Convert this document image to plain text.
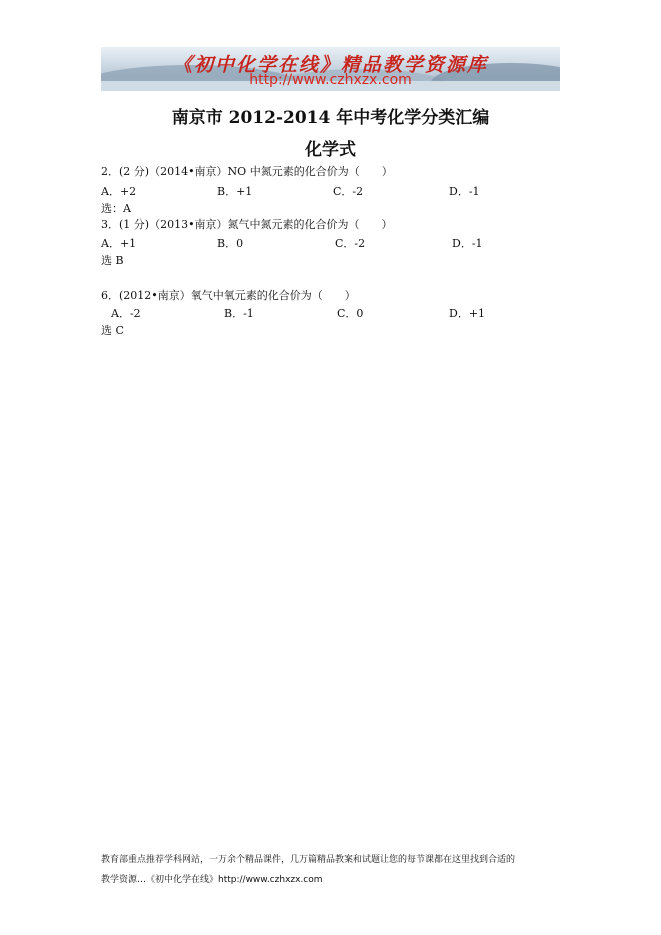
《初中化学在线》精品教学资源库
http://www.czhxzx.com
南京市 2012-2014 年中考化学分类汇编
化学式
2．(2 分)（2014•南京）NO 中氮元素的化合价为（　　）
A．+2	B．+1	C．-2	D．-1
选：A
3．(1 分)（2013•南京）氮气中氮元素的化合价为（　　）
A．+1	B．0	C．-2	D．-1
选 B
6．(2012•南京）氧气中氧元素的化合价为（　　）
A．-2	B．-1	C．0	D．+1
选 C
教育部重点推荐学科网站，一万余个精品课件，几万篇精品教案和试题让您的每节课都在这里找到合适的
教学资源…《初中化学在线》http://www.czhxzx.com
